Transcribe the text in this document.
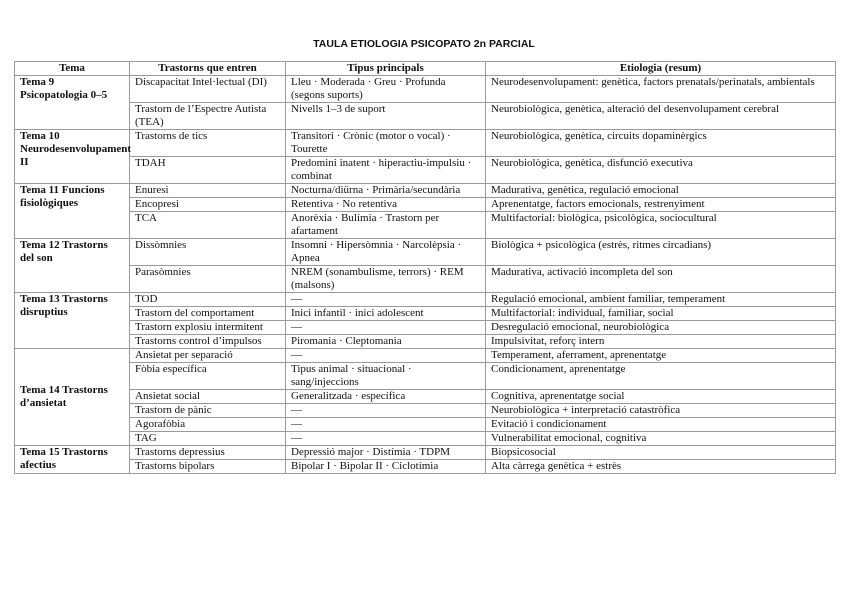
TAULA ETIOLOGIA PSICOPATO 2n PARCIAL
Tema	Trastorns que entren	Tipus principals	Etiologia (resum)
Tema 9 Psicopatologia 0–5	Discapacitat Intel·lectual (DI)	Lleu · Moderada · Greu · Profunda (segons suports)	Neurodesenvolupament: genètica, factors prenatals/perinatals, ambientals
	Trastorn de l’Espectre Autista (TEA)	Nivells 1–3 de suport	Neurobiològica, genètica, alteració del desenvolupament cerebral
Tema 10 Neurodesenvolupament II	Trastorns de tics	Transitori · Crònic (motor o vocal) · Tourette	Neurobiològica, genètica, circuits dopaminèrgics
	TDAH	Predomini inatent · hiperactiu-impulsiu · combinat	Neurobiològica, genètica, disfunció executiva
Tema 11 Funcions fisiològiques	Enuresi	Nocturna/diürna · Primària/secundària	Madurativa, genètica, regulació emocional
	Encopresi	Retentiva · No retentiva	Aprenentatge, factors emocionals, restrenyiment
	TCA	Anorèxia · Bulímia · Trastorn per afartament	Multifactorial: biològica, psicològica, sociocultural
Tema 12 Trastorns del son	Dissòmnies	Insomni · Hipersòmnia · Narcolèpsia · Apnea	Biològica + psicològica (estrès, ritmes circadians)
	Parasòmnies	NREM (sonambulisme, terrors) · REM (malsons)	Madurativa, activació incompleta del son
Tema 13 Trastorns disruptius	TOD	—	Regulació emocional, ambient familiar, temperament
	Trastorn del comportament	Inici infantil · inici adolescent	Multifactorial: individual, familiar, social
	Trastorn explosiu intermitent	—	Desregulació emocional, neurobiològica
	Trastorns control d’impulsos	Piromania · Cleptomania	Impulsivitat, reforç intern
Tema 14 Trastorns d’ansietat	Ansietat per separació	—	Temperament, aferrament, aprenentatge
	Fòbia específica	Tipus animal · situacional · sang/injeccions	Condicionament, aprenentatge
	Ansietat social	Generalitzada · específica	Cognitiva, aprenentatge social
	Trastorn de pànic	—	Neurobiològica + interpretació catastròfica
	Agorafòbia	—	Evitació i condicionament
	TAG	—	Vulnerabilitat emocional, cognitiva
Tema 15 Trastorns afectius	Trastorns depressius	Depressió major · Distímia · TDPM	Biopsicosocial
	Trastorns bipolars	Bipolar I · Bipolar II · Ciclotímia	Alta càrrega genètica + estrès
